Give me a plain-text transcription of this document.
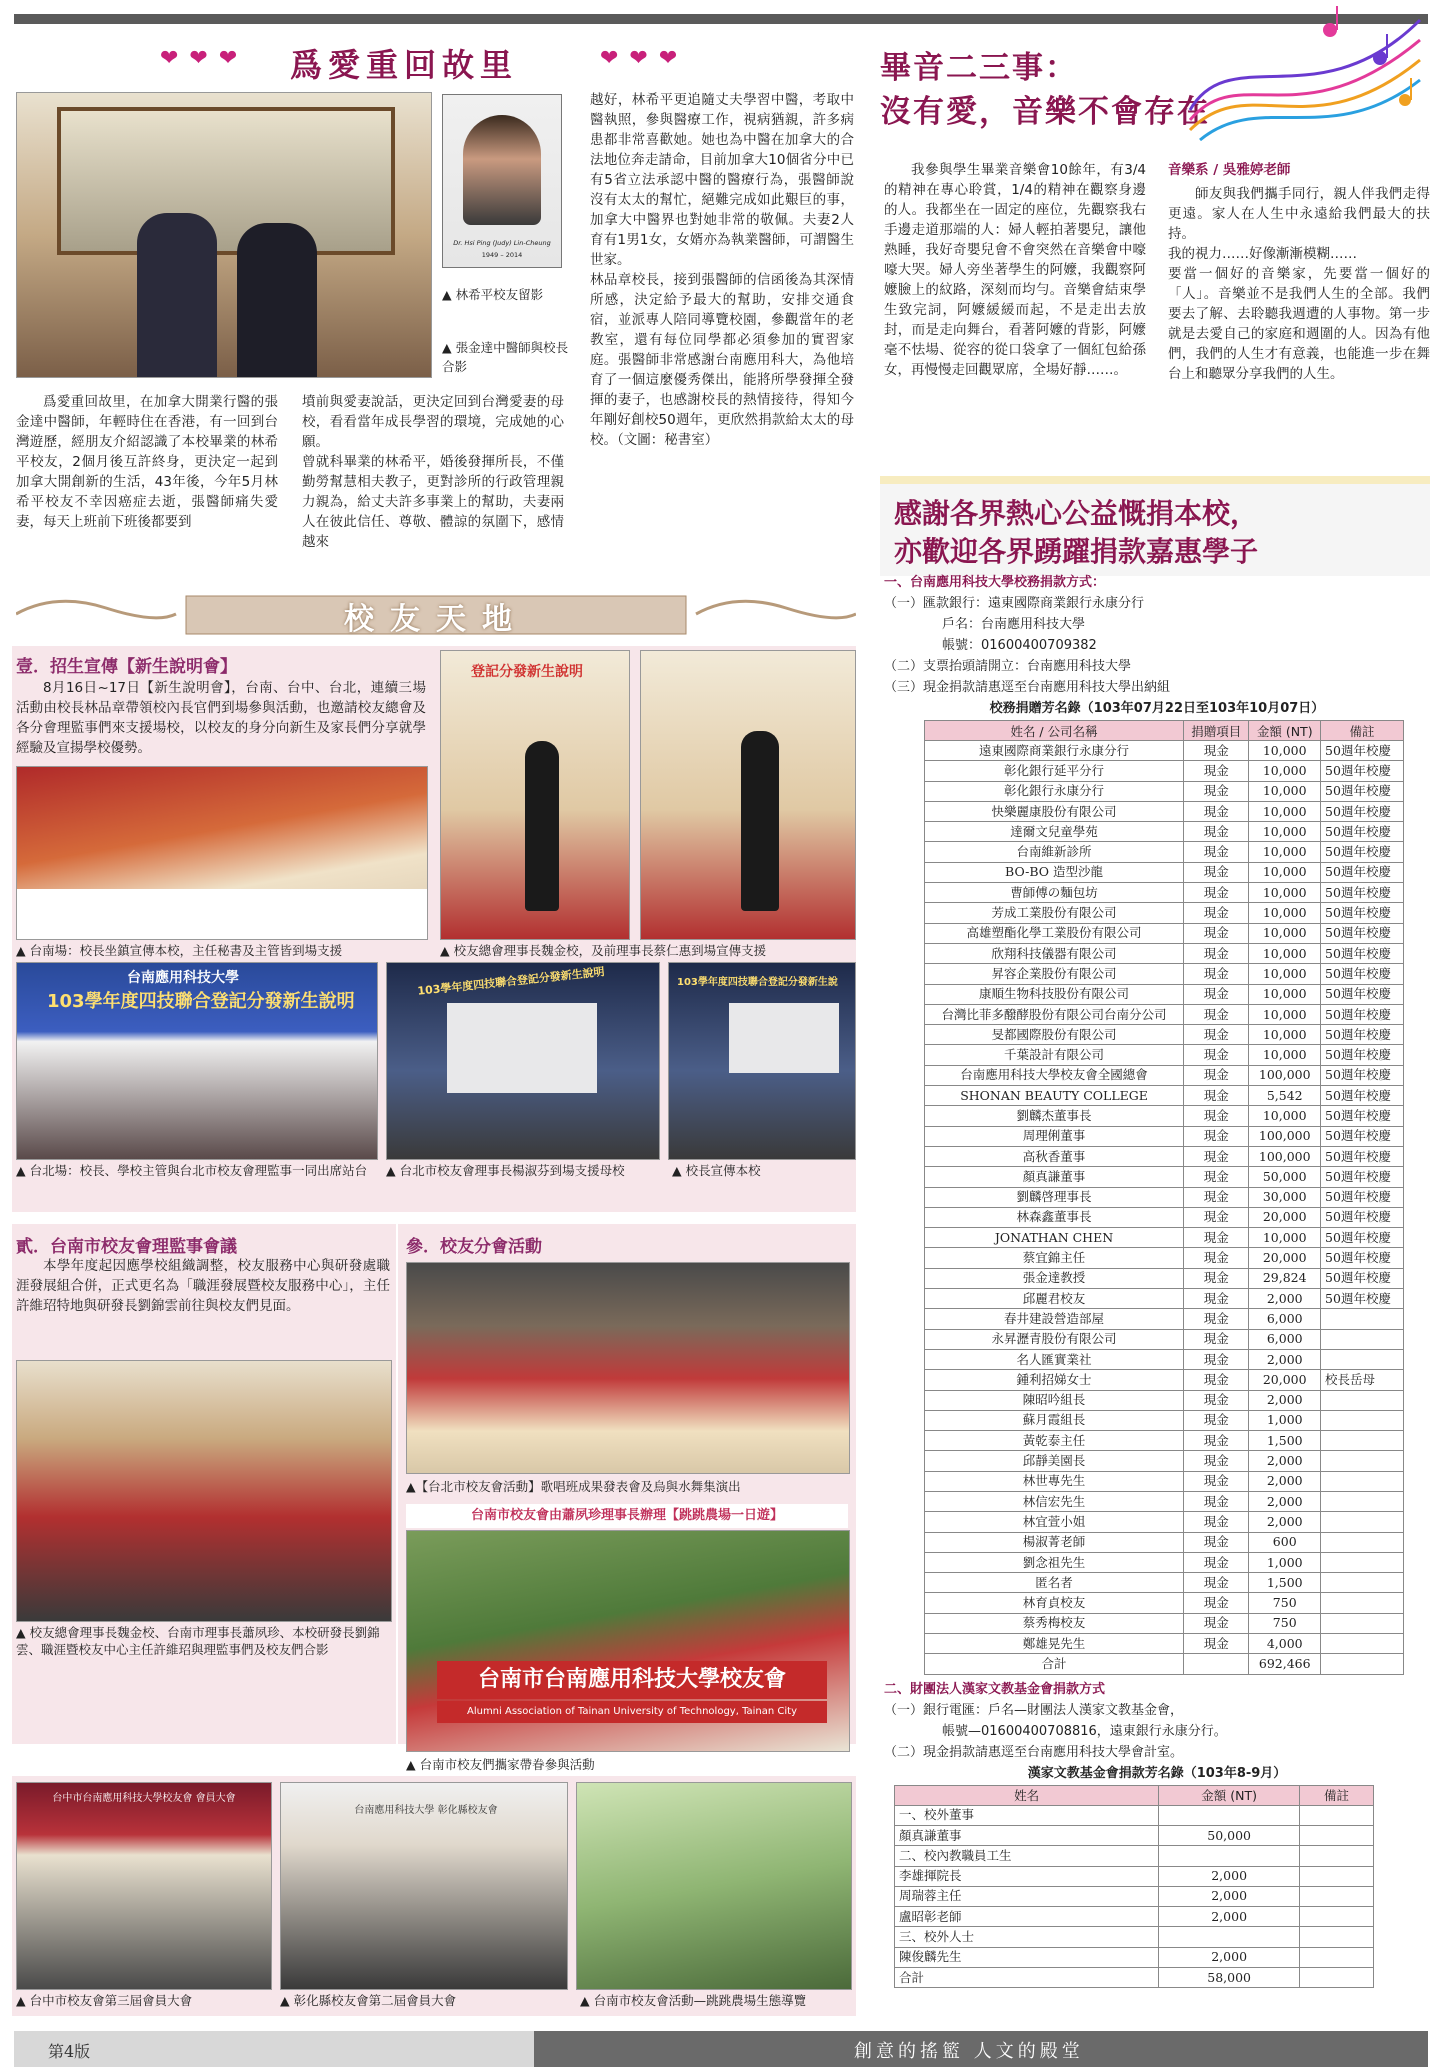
❤ ❤ ❤ 爲愛重回故里	❤ ❤ ❤
Dr. Hsi Ping (Judy) Lin-Cheung
1949 – 2014
▲ 林希平校友留影
▲ 張金達中醫師與校長合影

爲愛重回故里，在加拿大開業行醫的張金達中醫師，年輕時住在香港，有一回到台灣遊歷，經朋友介紹認識了本校畢業的林希平校友，2個月後互許終身，更決定一起到加拿大開創新的生活，43年後，今年5月林希平校友不幸因癌症去逝，張醫師痛失愛妻，每天上班前下班後都要到

墳前與愛妻說話，更決定回到台灣愛妻的母校，看看當年成長學習的環境，完成她的心願。
曾就科畢業的林希平，婚後發揮所長，不僅勤勞幫慧相夫教子，更對診所的行政管理親力親為，給丈夫許多事業上的幫助，夫妻兩人在彼此信任、尊敬、體諒的氛圍下，感情越來

越好，林希平更追隨丈夫學習中醫，考取中醫執照，參與醫療工作，視病猶親，許多病患都非常喜歡她。她也為中醫在加拿大的合法地位奔走請命，目前加拿大10個省分中已有5省立法承認中醫的醫療行為，張醫師說沒有太太的幫忙，絕難完成如此艱巨的事，加拿大中醫界也對她非常的敬佩。夫妻2人育有1男1女，女婿亦為執業醫師，可謂醫生世家。
林品章校長，接到張醫師的信函後為其深情所感，決定給予最大的幫助，安排交通食宿，並派專人陪同導覽校園，參觀當年的老教室，還有每位同學都必須參加的實習家庭。張醫師非常感謝台南應用科大，為他培育了一個這麼優秀傑出，能將所學發揮全發揮的妻子，也感謝校長的熱情接待，得知今年剛好創校50週年，更欣然捐款給太太的母校。（文圖：秘書室）

畢音二三事：
沒有愛，音樂不會存在
音樂系 / 吳雅婷老師

我參與學生畢業音樂會10餘年，有3/4的精神在專心聆賞，1/4的精神在觀察身邊的人。我都坐在一固定的座位，先觀察我右手邊走道那端的人：婦人輕拍著嬰兒，讓他熟睡，我好奇嬰兒會不會突然在音樂會中嚎嚎大哭。婦人旁坐著學生的阿嬤，我觀察阿嬤臉上的紋路，深刻而均勻。音樂會結束學生致完詞，阿嬤緩緩而起，不是走出去放封，而是走向舞台，看著阿嬤的背影，阿嬤毫不怯場、從容的從口袋拿了一個紅包給孫女，再慢慢走回觀眾席，全場好靜……。

師友與我們攜手同行，親人伴我們走得更遠。家人在人生中永遠給我們最大的扶持。
我的視力……好像漸漸模糊……
要當一個好的音樂家，先要當一個好的「人」。音樂並不是我們人生的全部。我們要去了解、去聆聽我週遭的人事物。第一步就是去愛自己的家庭和週圍的人。因為有他們，我們的人生才有意義，也能進一步在舞台上和聽眾分享我們的人生。

校友天地
壹．招生宣傳【新生說明會】

8月16日~17日【新生說明會】，台南、台中、台北，連續三場活動由校長林品章帶領校內長官們到場參與活動，也邀請校友總會及各分會理監事們來支援場校，以校友的身分向新生及家長們分享就學經驗及宣揚學校優勢。

登記分發新生說明
▲ 台南場：校長坐鎮宣傳本校，主任秘書及主管皆到場支援	▲ 校友總會理事長魏金校，及前理事長蔡仁惠到場宣傳支援
台南應用科技大學
103學年度四技聯合登記分發新生說明
103學年度四技聯合登記分發新生說明	103學年度四技聯合登記分發新生說
▲ 台北場：校長、學校主管與台北市校友會理監事一同出席站台	▲ 台北市校友會理事長楊淑芬到場支援母校	▲ 校長宣傳本校
貳．台南市校友會理監事會議

本學年度起因應學校組織調整，校友服務中心與研發處職涯發展組合併，正式更名為「職涯發展暨校友服務中心」，主任許維玿特地與研發長劉錦雲前往與校友們見面。

▲ 校友總會理事長魏金校、台南市理事長蕭夙珍、本校研發長劉錦雲、職涯暨校友中心主任許維玿與理監事們及校友們合影
參．校友分會活動
▲【台北市校友會活動】歌唱班成果發表會及烏與水舞集演出
台南市校友會由蕭夙珍理事長辦理【跳跳農場一日遊】
台南市台南應用科技大學校友會
Alumni Association of Tainan University of Technology, Tainan City
▲ 台南市校友們攜家帶眷參與活動
台中市台南應用科技大學校友會 會員大會
台南應用科技大學 彰化縣校友會
▲ 台中市校友會第三屆會員大會	▲ 彰化縣校友會第二屆會員大會	▲ 台南市校友會活動—跳跳農場生態導覽
感謝各界熱心公益慨捐本校，
亦歡迎各界踴躍捐款嘉惠學子
一、台南應用科技大學校務捐款方式：
（一）匯款銀行：遠東國際商業銀行永康分行
戶名：台南應用科技大學
帳號：01600400709382
（二）支票抬頭請開立：台南應用科技大學
（三）現金捐款請惠逕至台南應用科技大學出納組
校務捐贈芳名錄（103年07月22日至103年10月07日）
姓名 / 公司名稱	捐贈項目	金額 (NT)	備註
遠東國際商業銀行永康分行	現金	10,000	50週年校慶
彰化銀行延平分行	現金	10,000	50週年校慶
彰化銀行永康分行	現金	10,000	50週年校慶
快樂麗康股份有限公司	現金	10,000	50週年校慶
達爾文兒童學苑	現金	10,000	50週年校慶
台南維新診所	現金	10,000	50週年校慶
BO-BO 造型沙龍	現金	10,000	50週年校慶
曹師傅の麵包坊	現金	10,000	50週年校慶
芳成工業股份有限公司	現金	10,000	50週年校慶
高雄塑酯化學工業股份有限公司	現金	10,000	50週年校慶
欣翔科技儀器有限公司	現金	10,000	50週年校慶
昇容企業股份有限公司	現金	10,000	50週年校慶
康順生物科技股份有限公司	現金	10,000	50週年校慶
台灣比菲多醱酵股份有限公司台南分公司	現金	10,000	50週年校慶
旻都國際股份有限公司	現金	10,000	50週年校慶
千葉設計有限公司	現金	10,000	50週年校慶
台南應用科技大學校友會全國總會	現金	100,000	50週年校慶
SHONAN BEAUTY COLLEGE	現金	5,542	50週年校慶
劉麟杰董事長	現金	10,000	50週年校慶
周理俐董事	現金	100,000	50週年校慶
高秋香董事	現金	100,000	50週年校慶
顏真謙董事	現金	50,000	50週年校慶
劉麟啓理事長	現金	30,000	50週年校慶
林森鑫董事長	現金	20,000	50週年校慶
JONATHAN CHEN	現金	10,000	50週年校慶
蔡宜錦主任	現金	20,000	50週年校慶
張金達教授	現金	29,824	50週年校慶
邱麗君校友	現金	2,000	50週年校慶
春井建設營造部屋	現金	6,000	
永昇瀝青股份有限公司	現金	6,000	
名人匯實業社	現金	2,000	
鍾利招娣女士	現金	20,000	校長岳母
陳昭吟組長	現金	2,000	
蘇月霞組長	現金	1,000	
黃乾泰主任	現金	1,500	
邱靜美園長	現金	2,000	
林世專先生	現金	2,000	
林信宏先生	現金	2,000	
林宜萱小姐	現金	2,000	
楊淑菁老師	現金	600	
劉念祖先生	現金	1,000	
匿名者	現金	1,500	
林育貞校友	現金	750	
蔡秀梅校友	現金	750	
鄭雄晃先生	現金	4,000	
合計		692,466	
二、財團法人漢家文教基金會捐款方式
（一）銀行電匯：戶名—財團法人漢家文教基金會，
帳號—01600400708816，遠東銀行永康分行。
（二）現金捐款請惠逕至台南應用科技大學會計室。
漢家文教基金會捐款芳名錄（103年8-9月）
姓名	金額 (NT)	備註
一、校外董事		
顏真謙董事	50,000	
二、校內教職員工生		
李雄揮院長	2,000	
周瑞蓉主任	2,000	
盧昭彰老師	2,000	
三、校外人士		
陳俊麟先生	2,000	
合計	58,000	
第4版	創意的搖籃 人文的殿堂
